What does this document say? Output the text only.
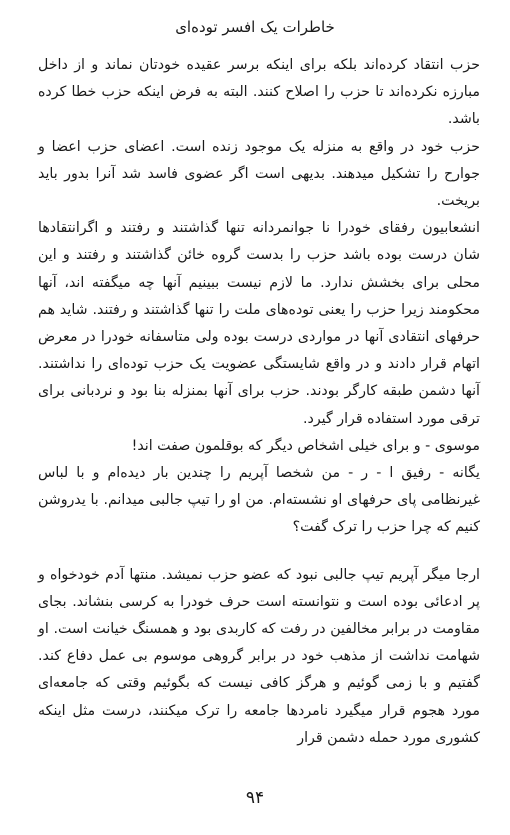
خاطرات یک افسر توده‌ای

حزب انتقاد کرده‌اند بلکه برای اینکه برسر عقیده خودتان نماند و از داخل مبارزه نکرده‌اند تا حزب را اصلاح کنند. البته به فرض اینکه حزب خطا کرده باشد.

حزب خود در واقع به منزله یک موجود زنده است. اعضای حزب اعضا و جوارح را تشکیل میدهند. بدیهی است اگر عضوی فاسد شد آنرا بدور باید بریخت.

انشعابیون رفقای خودرا نا جوانمردانه تنها گذاشتند و رفتند و اگرانتقادها شان درست بوده باشد حزب را بدست گروه خائن گذاشتند و رفتند و این محلی برای بخشش ندارد. ما لازم نیست ببینیم آنها چه میگفته اند، آنها محکومند زیرا حزب را یعنی توده‌های ملت را تنها گذاشتند و رفتند. شاید هم حرفهای انتقادی آنها در مواردی درست بوده ولی متاسفانه خودرا در معرض اتهام قرار دادند و در واقع شایستگی عضویت یک حزب توده‌ای را نداشتند. آنها دشمن طبقه کارگر بودند. حزب برای آنها بمنزله بنا بود و نردبانی برای ترقی مورد استفاده قرار گیرد.

موسوی - و برای خیلی اشخاص دیگر که بوقلمون صفت اند!

یگانه - رفیق ا - ر - من شخصا آپریم را چندین بار دیده‌ام و با لباس غیرنظامی پای حرفهای او نشسته‌ام. من او را تیپ جالبی میدانم. با یدروشن کنیم که چرا حزب را ترک گفت؟

ارجا میگر آپریم تیپ جالبی نبود که عضو حزب نمیشد. منتها آدم خودخواه و پر ادعائی بوده است و نتوانسته است حرف خودرا به کرسی بنشاند. بجای مقاومت در برابر مخالفین در رفت که کاربدی بود و همسنگ خیانت است. او شهامت نداشت از مذهب خود در برابر گروهی موسوم بی عمل دفاع کند. گفتیم و با زمی گوئیم و هرگز کافی نیست که بگوئیم وقتی که جامعه‌ای مورد هجوم قرار میگیرد نامردها جامعه را ترک میکنند، درست مثل اینکه کشوری مورد حمله دشمن قرار

۹۴
